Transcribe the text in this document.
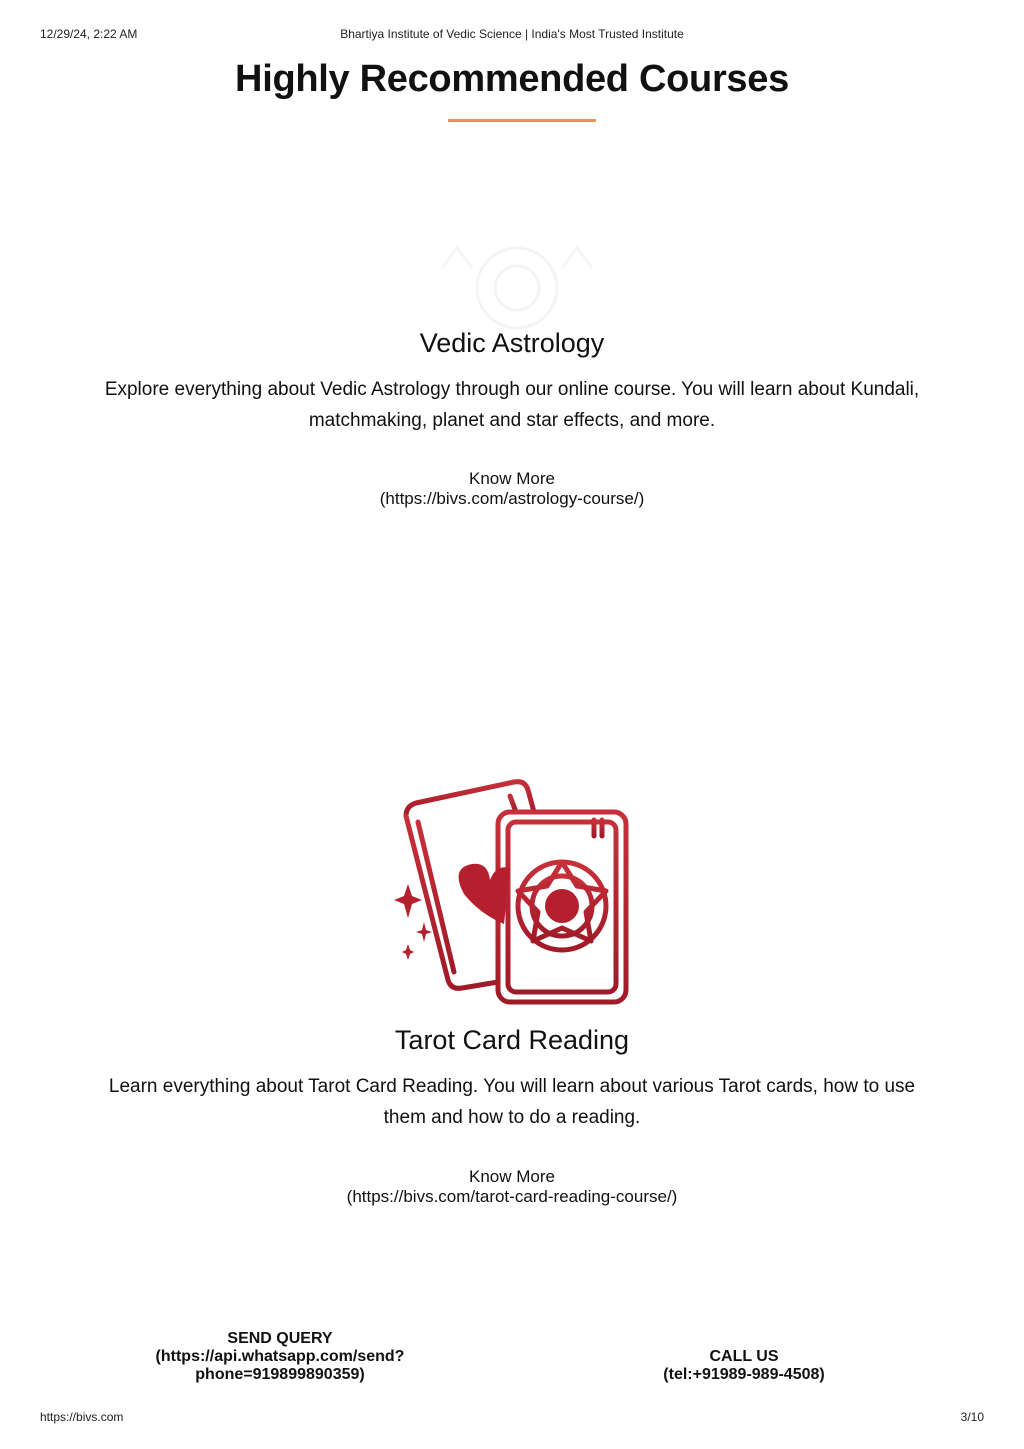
12/29/24, 2:22 AM	Bhartiya Institute of Vedic Science | India's Most Trusted Institute
Highly Recommended Courses
Vedic Astrology

Explore everything about Vedic Astrology through our online course. You will learn about Kundali, matchmaking, planet and star effects, and more.

Know More
(https://bivs.com/astrology-course/)
Tarot Card Reading

Learn everything about Tarot Card Reading. You will learn about various Tarot cards, how to use them and how to do a reading.

Know More
(https://bivs.com/tarot-card-reading-course/)
SEND QUERY
(https://api.whatsapp.com/send?
phone=919899890359)
CALL US
(tel:+91989-989-4508)
https://bivs.com	3/10
